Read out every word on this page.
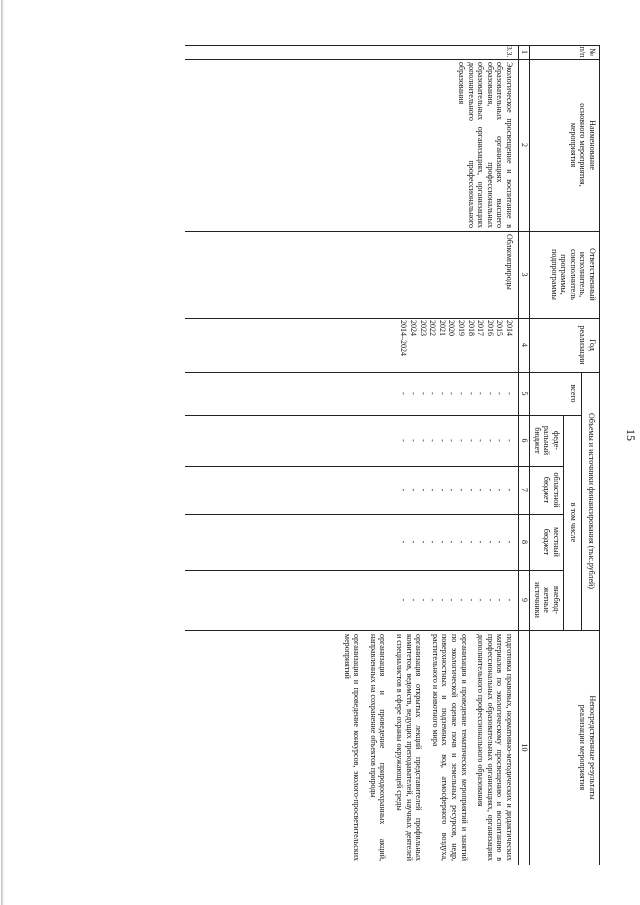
15
№
п/п
Наименование
основного мероприятия,
мероприятия
Ответственный
исполнитель,
соисполнитель
программы,
подпрограммы
Год
реализации
Объемы и источники финансирования (тыс.рублей)
всего
в том числе
феде-
ральный
бюджет
областной
бюджет
местный
бюджет
внебюд-
жетные
источники
Непосредственные результаты
реализации мероприятия
1
2
3
4
5
6
7
8
9
10
3.3.
Экологическое просвещение и воспитание в образовательных организациях высшего образования, профессиональных образовательных организациях, организациях дополнительного профессионального образования
Облкомприроды
2014
2015
2016
2017
2018
2019
2020
2021
2022
2023
2024
2014–2024
-
-
-
-
-
-
-
-
-
-
-
-
-
-
-
-
-
-
-
-
-
-
-
-
-
-
-
-
-
-
-
-
-
-
-
-
-
-
-
-
-
-
-
-
-
-
-
-
-
-
-
-
-
-
-
-
-
-
-
-
подготовка правовых, нормативно-методических и дидактических материалов по экологическому просвещению и воспитанию в профессиональных образовательных организациях, организациях дополнительного профессионального образования
организация и проведение тематических мероприятий и занятий по экологической оценке почв и земельных ресурсов, недр, поверхностных и подземных вод, атмосферного воздуха, растительного и животного мира
организация открытых лекций представителей профильных комитетов, ведомств, ведущих преподавателей, научных деятелей и специалистов в сфере охраны окружающей среды
организация и проведение природоохранных акций, направленных на сохранение объектов природы
организация и проведение конкурсов, эколого-просветительских мероприятий
